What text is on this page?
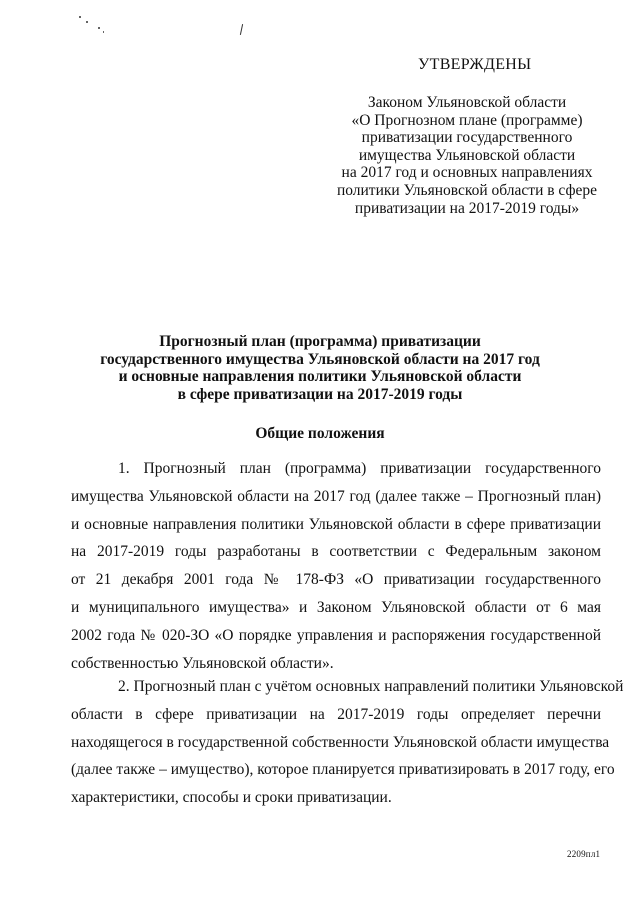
УТВЕРЖДЕНЫ
Законом Ульяновской области
«О Прогнозном плане (программе)
приватизации государственного
имущества Ульяновской области
на 2017 год и основных направлениях
политики Ульяновской области в сфере
приватизации на 2017-2019 годы»
Прогнозный план (программа) приватизации
государственного имущества Ульяновской области на 2017 год
и основные направления политики Ульяновской области
в сфере приватизации на 2017-2019 годы
Общие положения
1. Прогнозный план (программа) приватизации государственного
имущества Ульяновской области на 2017 год (далее также – Прогнозный план)
и основные направления политики Ульяновской области в сфере приватизации
на 2017-2019 годы разработаны в соответствии с Федеральным законом
от 21 декабря 2001 года № 178-ФЗ «О приватизации государственного
и муниципального имущества» и Законом Ульяновской области от 6 мая
2002 года № 020-ЗО «О порядке управления и распоряжения государственной
собственностью Ульяновской области».
2. Прогнозный план с учётом основных направлений политики Ульяновской
области в сфере приватизации на 2017-2019 годы определяет перечни
находящегося в государственной собственности Ульяновской области имущества
(далее также – имущество), которое планируется приватизировать в 2017 году, его
характеристики, способы и сроки приватизации.
2209пл1
